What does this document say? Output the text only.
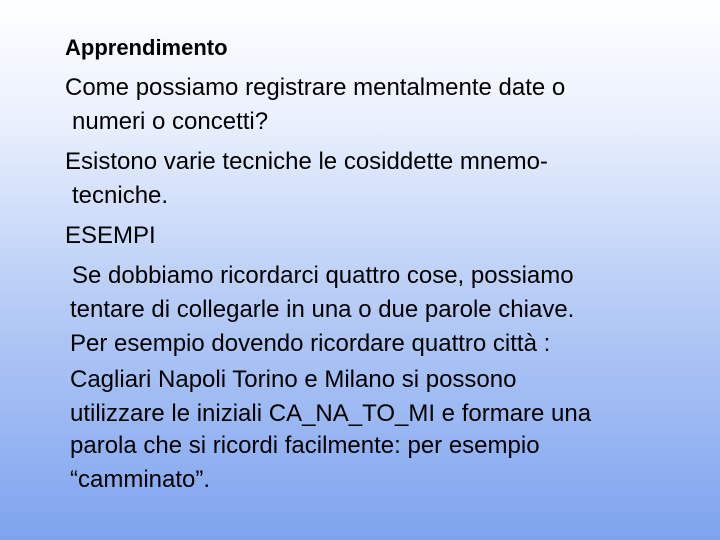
Apprendimento
Come possiamo registrare mentalmente date o
numeri o concetti?
Esistono varie tecniche le cosiddette mnemo-
tecniche.
ESEMPI
Se dobbiamo ricordarci quattro cose, possiamo
tentare di collegarle in una o due parole chiave.
Per esempio dovendo ricordare quattro città :
Cagliari Napoli Torino e Milano si possono
utilizzare le iniziali CA_NA_TO_MI e formare una
parola che si ricordi facilmente: per esempio
“camminato”.
